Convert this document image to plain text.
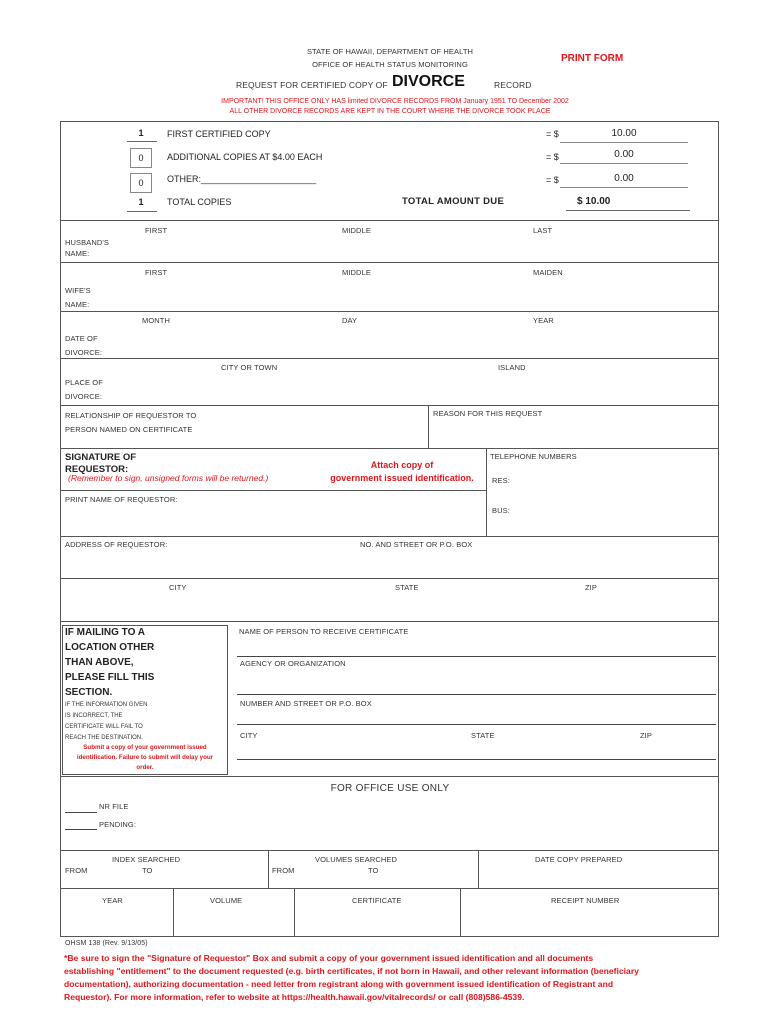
STATE OF HAWAII, DEPARTMENT OF HEALTH
OFFICE OF HEALTH STATUS MONITORING
PRINT FORM
REQUEST FOR CERTIFIED COPY OF DIVORCE	RECORD
IMPORTANT! THIS OFFICE ONLY HAS limited DIVORCE RECORDS FROM January 1951 TO December 2002
ALL OTHER DIVORCE RECORDS ARE KEPT IN THE COURT WHERE THE DIVORCE TOOK PLACE
1	FIRST CERTIFIED COPY	= $	10.00
0	ADDITIONAL COPIES AT $4.00 EACH	= $	0.00
0	OTHER:_______________________	= $	0.00
1	TOTAL COPIES	TOTAL AMOUNT DUE	$ 10.00
FIRST	MIDDLE	LAST
HUSBAND'S
NAME:
FIRST	MIDDLE	MAIDEN
WIFE'S
NAME:
MONTH	DAY	YEAR
DATE OF
DIVORCE:
CITY OR TOWN	ISLAND
PLACE OF
DIVORCE:
RELATIONSHIP OF REQUESTOR TO
PERSON NAMED ON CERTIFICATE
REASON FOR THIS REQUEST
SIGNATURE OF
REQUESTOR:
(Remember to sign, unsigned forms will be returned.)
Attach copy of
government issued identification.
TELEPHONE NUMBERS
RES:
BUS:
PRINT NAME OF REQUESTOR:
ADDRESS OF REQUESTOR:	NO. AND STREET OR P.O. BOX
CITY	STATE	ZIP
IF MAILING TO A
LOCATION OTHER
THAN ABOVE,
PLEASE FILL THIS
SECTION.
IF THE INFORMATION GIVEN
IS INCORRECT, THE
CERTIFICATE WILL FAIL TO
REACH THE DESTINATION.
Submit a copy of your government issued
identification. Failure to submit will delay your
order.
NAME OF PERSON TO RECEIVE CERTIFICATE
AGENCY OR ORGANIZATION
NUMBER AND STREET OR P.O. BOX
CITY	STATE	ZIP
FOR OFFICE USE ONLY
NR FILE
PENDING:
INDEX SEARCHED
FROM	TO
VOLUMES SEARCHED
FROM	TO
DATE COPY PREPARED
YEAR	VOLUME	CERTIFICATE	RECEIPT NUMBER
OHSM 138 (Rev. 9/13/05)
*Be sure to sign the "Signature of Requestor" Box and submit a copy of your government issued identification and all documents
establishing "entitlement" to the document requested (e.g. birth certificates, if not born in Hawaii, and other relevant information (beneficiary
documentation), authorizing documentation - need letter from registrant along with government issued identification of Registrant and
Requestor). For more information, refer to website at https://health.hawaii.gov/vitalrecords/ or call (808)586-4539.
